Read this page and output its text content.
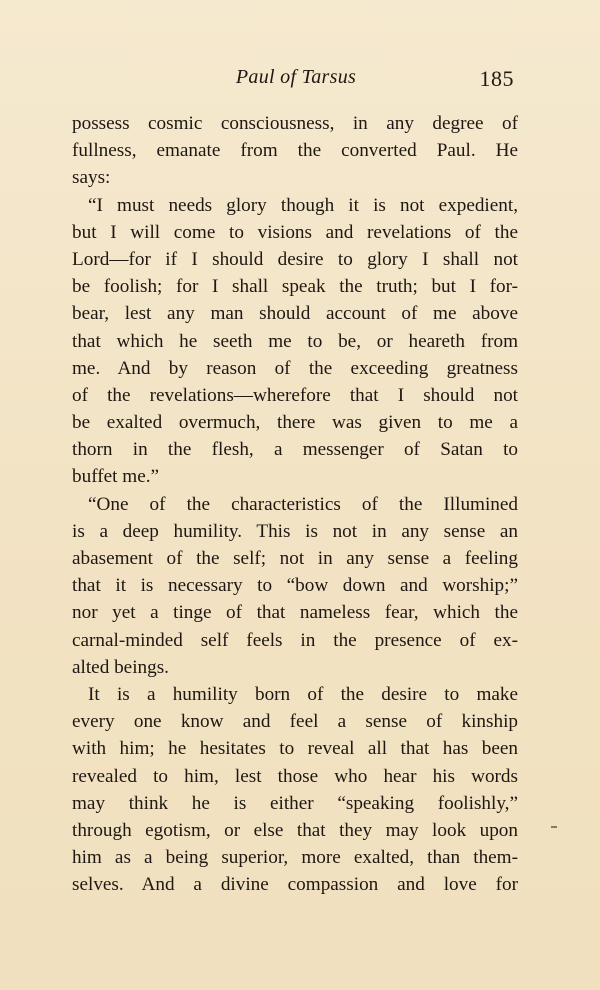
Paul of Tarsus	185
possess cosmic consciousness, in any degree of
fullness, emanate from the converted Paul. He
says:
“I must needs glory though it is not expedient,
but I will come to visions and revelations of the
Lord—for if I should desire to glory I shall not
be foolish; for I shall speak the truth; but I for-
bear, lest any man should account of me above
that which he seeth me to be, or heareth from
me. And by reason of the exceeding greatness
of the revelations—wherefore that I should not
be exalted overmuch, there was given to me a
thorn in the flesh, a messenger of Satan to
buffet me.”
“One of the characteristics of the Illumined
is a deep humility. This is not in any sense an
abasement of the self; not in any sense a feeling
that it is necessary to “bow down and worship;”
nor yet a tinge of that nameless fear, which the
carnal-minded self feels in the presence of ex-
alted beings.
It is a humility born of the desire to make
every one know and feel a sense of kinship
with him; he hesitates to reveal all that has been
revealed to him, lest those who hear his words
may think he is either “speaking foolishly,”
through egotism, or else that they may look upon
him as a being superior, more exalted, than them-
selves. And a divine compassion and love for
